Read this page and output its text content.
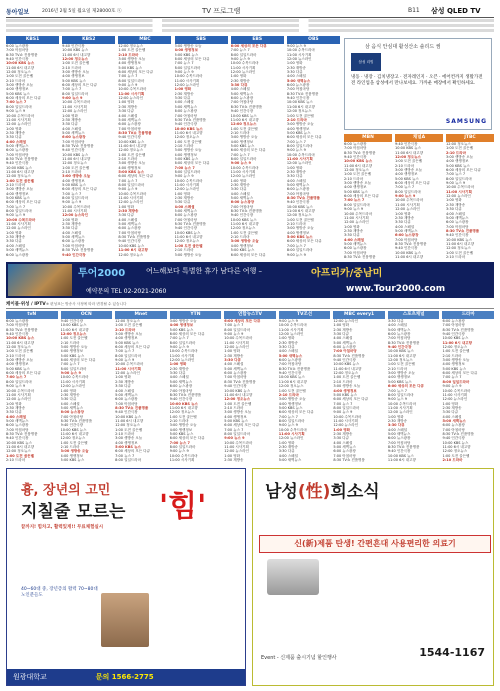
동아일보	2016년 2월 5일 월요일 제28000호 ⓢ	TV 프로그램	B11 삼성 QLED TV
KBS1
6:00 뉴스광장
7:00 아침마당
8:30 TV쇼 진품명품
9:40 인간극장
10:00 KBS 뉴스
11:00 6시 내고향
12:00 정오뉴스
1:00 도전 골든벨
2:10 드라마
3:00 생방송 오늘
4:00 생생정보
5:00 KBS 뉴스
6:00 세상의 모든 다큐
7:00 뉴스 7
8:00 일일드라마
9:00 뉴스 9
10:00 수목드라마
11:00 시사기획
12:00 뉴스라인
1:00 영화
2:30 재방송
3:30 다큐
4:00 스페셜
5:00 새벽뉴스
6:00 뉴스광장
7:00 아침마당
8:30 TV쇼 진품명품
9:40 인간극장
10:00 KBS 뉴스
11:00 6시 내고향
12:00 정오뉴스
1:00 도전 골든벨
2:10 드라마
3:00 생방송 오늘
4:00 생생정보
5:00 KBS 뉴스
6:00 세상의 모든 다큐
7:00 뉴스 7
8:00 일일드라마
9:00 뉴스 9
10:00 수목드라마
11:00 시사기획
12:00 뉴스라인
1:00 영화
2:30 재방송
3:30 다큐
4:00 스페셜
5:00 새벽뉴스
6:00 뉴스광장
KBS2
9:40 인간극장
10:00 KBS 뉴스
11:00 6시 내고향
12:00 정오뉴스
1:00 도전 골든벨
2:10 드라마
3:00 생방송 오늘
4:00 생생정보
5:00 KBS 뉴스
6:00 세상의 모든 다큐
7:00 뉴스 7
8:00 일일드라마
9:00 뉴스 9
10:00 수목드라마
11:00 시사기획
12:00 뉴스라인
1:00 영화
2:30 재방송
3:30 다큐
4:00 스페셜
5:00 새벽뉴스
6:00 뉴스광장
7:00 아침마당
8:30 TV쇼 진품명품
9:40 인간극장
10:00 KBS 뉴스
11:00 6시 내고향
12:00 정오뉴스
1:00 도전 골든벨
2:10 드라마
3:00 생방송 오늘
4:00 생생정보
5:00 KBS 뉴스
6:00 세상의 모든 다큐
7:00 뉴스 7
8:00 일일드라마
9:00 뉴스 9
10:00 수목드라마
11:00 시사기획
12:00 뉴스라인
1:00 영화
2:30 재방송
3:30 다큐
4:00 스페셜
5:00 새벽뉴스
6:00 뉴스광장
7:00 아침마당
8:30 TV쇼 진품명품
9:40 인간극장
MBC
12:00 정오뉴스
1:00 도전 골든벨
2:10 드라마
3:00 생방송 오늘
4:00 생생정보
5:00 KBS 뉴스
6:00 세상의 모든 다큐
7:00 뉴스 7
8:00 일일드라마
9:00 뉴스 9
10:00 수목드라마
11:00 시사기획
12:00 뉴스라인
1:00 영화
2:30 재방송
3:30 다큐
4:00 스페셜
5:00 새벽뉴스
6:00 뉴스광장
7:00 아침마당
8:30 TV쇼 진품명품
9:40 인간극장
10:00 KBS 뉴스
11:00 6시 내고향
12:00 정오뉴스
1:00 도전 골든벨
2:10 드라마
3:00 생방송 오늘
4:00 생생정보
5:00 KBS 뉴스
6:00 세상의 모든 다큐
7:00 뉴스 7
8:00 일일드라마
9:00 뉴스 9
10:00 수목드라마
11:00 시사기획
12:00 뉴스라인
1:00 영화
2:30 재방송
3:30 다큐
4:00 스페셜
5:00 새벽뉴스
6:00 뉴스광장
7:00 아침마당
8:30 TV쇼 진품명품
9:40 인간극장
10:00 KBS 뉴스
11:00 6시 내고향
12:00 정오뉴스
SBS
3:00 생방송 오늘
4:00 생생정보
5:00 KBS 뉴스
6:00 세상의 모든 다큐
7:00 뉴스 7
8:00 일일드라마
9:00 뉴스 9
10:00 수목드라마
11:00 시사기획
12:00 뉴스라인
1:00 영화
2:30 재방송
3:30 다큐
4:00 스페셜
5:00 새벽뉴스
6:00 뉴스광장
7:00 아침마당
8:30 TV쇼 진품명품
9:40 인간극장
10:00 KBS 뉴스
11:00 6시 내고향
12:00 정오뉴스
1:00 도전 골든벨
2:10 드라마
3:00 생방송 오늘
4:00 생생정보
5:00 KBS 뉴스
6:00 세상의 모든 다큐
7:00 뉴스 7
8:00 일일드라마
9:00 뉴스 9
10:00 수목드라마
11:00 시사기획
12:00 뉴스라인
1:00 영화
2:30 재방송
3:30 다큐
4:00 스페셜
5:00 새벽뉴스
6:00 뉴스광장
7:00 아침마당
8:30 TV쇼 진품명품
9:40 인간극장
10:00 KBS 뉴스
11:00 6시 내고향
12:00 정오뉴스
1:00 도전 골든벨
2:10 드라마
3:00 생방송 오늘
EBS
6:00 세상의 모든 다큐
7:00 뉴스 7
8:00 일일드라마
9:00 뉴스 9
10:00 수목드라마
11:00 시사기획
12:00 뉴스라인
1:00 영화
2:30 재방송
3:30 다큐
4:00 스페셜
5:00 새벽뉴스
6:00 뉴스광장
7:00 아침마당
8:30 TV쇼 진품명품
9:40 인간극장
10:00 KBS 뉴스
11:00 6시 내고향
12:00 정오뉴스
1:00 도전 골든벨
2:10 드라마
3:00 생방송 오늘
4:00 생생정보
5:00 KBS 뉴스
6:00 세상의 모든 다큐
7:00 뉴스 7
8:00 일일드라마
9:00 뉴스 9
10:00 수목드라마
11:00 시사기획
12:00 뉴스라인
1:00 영화
2:30 재방송
3:30 다큐
4:00 스페셜
5:00 새벽뉴스
6:00 뉴스광장
7:00 아침마당
8:30 TV쇼 진품명품
9:40 인간극장
10:00 KBS 뉴스
11:00 6시 내고향
12:00 정오뉴스
1:00 도전 골든벨
2:10 드라마
3:00 생방송 오늘
4:00 생생정보
5:00 KBS 뉴스
6:00 세상의 모든 다큐
OBS
9:00 뉴스 9
10:00 수목드라마
11:00 시사기획
12:00 뉴스라인
1:00 영화
2:30 재방송
3:30 다큐
4:00 스페셜
5:00 새벽뉴스
6:00 뉴스광장
7:00 아침마당
8:30 TV쇼 진품명품
9:40 인간극장
10:00 KBS 뉴스
11:00 6시 내고향
12:00 정오뉴스
1:00 도전 골든벨
2:10 드라마
3:00 생방송 오늘
4:00 생생정보
5:00 KBS 뉴스
6:00 세상의 모든 다큐
7:00 뉴스 7
8:00 일일드라마
9:00 뉴스 9
10:00 수목드라마
11:00 시사기획
12:00 뉴스라인
1:00 영화
2:30 재방송
3:30 다큐
4:00 스페셜
5:00 새벽뉴스
6:00 뉴스광장
7:00 아침마당
8:30 TV쇼 진품명품
9:40 인간극장
10:00 KBS 뉴스
11:00 6시 내고향
12:00 정오뉴스
1:00 도전 골든벨
2:10 드라마
3:00 생방송 오늘
4:00 생생정보
5:00 KBS 뉴스
6:00 세상의 모든 다큐
7:00 뉴스 7
8:00 일일드라마
9:00 뉴스 9
삼 음식 안심대 활성산소 솔리드 썸
삼성 리빙
냉동 · 냉장 · 김치냉장고 · 전자레인지 · 오븐 · 에어컨까지 생활가전 전 라인업을 삼성에서 만나보세요. 가까운 매장에서 확인하세요.
SAMSUNG
MBN
6:00 뉴스광장
7:00 아침마당
8:30 TV쇼 진품명품
9:40 인간극장
10:00 KBS 뉴스
11:00 6시 내고향
12:00 정오뉴스
1:00 도전 골든벨
2:10 드라마
3:00 생방송 오늘
4:00 생생정보
5:00 KBS 뉴스
6:00 세상의 모든 다큐
7:00 뉴스 7
8:00 일일드라마
9:00 뉴스 9
10:00 수목드라마
11:00 시사기획
12:00 뉴스라인
1:00 영화
2:30 재방송
3:30 다큐
4:00 스페셜
5:00 새벽뉴스
6:00 뉴스광장
7:00 아침마당
8:30 TV쇼 진품명품
채널A
9:40 인간극장
10:00 KBS 뉴스
11:00 6시 내고향
12:00 정오뉴스
1:00 도전 골든벨
2:10 드라마
3:00 생방송 오늘
4:00 생생정보
5:00 KBS 뉴스
6:00 세상의 모든 다큐
7:00 뉴스 7
8:00 일일드라마
9:00 뉴스 9
10:00 수목드라마
11:00 시사기획
12:00 뉴스라인
1:00 영화
2:30 재방송
3:30 다큐
4:00 스페셜
5:00 새벽뉴스
6:00 뉴스광장
7:00 아침마당
8:30 TV쇼 진품명품
9:40 인간극장
10:00 KBS 뉴스
11:00 6시 내고향
JTBC
12:00 정오뉴스
1:00 도전 골든벨
2:10 드라마
3:00 생방송 오늘
4:00 생생정보
5:00 KBS 뉴스
6:00 세상의 모든 다큐
7:00 뉴스 7
8:00 일일드라마
9:00 뉴스 9
10:00 수목드라마
11:00 시사기획
12:00 뉴스라인
1:00 영화
2:30 재방송
3:30 다큐
4:00 스페셜
5:00 새벽뉴스
6:00 뉴스광장
7:00 아침마당
8:30 TV쇼 진품명품
9:40 인간극장
10:00 KBS 뉴스
11:00 6시 내고향
12:00 정오뉴스
1:00 도전 골든벨
2:10 드라마
투어2000	여느해보다 특별한 휴가 남다른 여행 –	아프리카/중남미
예약문의 TEL 02-2021-2060	www.Tour2000.com
케이블·위성 / IPTV ※ 편성표는 방송사 사정에 따라 변경될 수 있습니다
tvN
6:00 뉴스광장
7:00 아침마당
8:30 TV쇼 진품명품
9:40 인간극장
10:00 KBS 뉴스
11:00 6시 내고향
12:00 정오뉴스
1:00 도전 골든벨
2:10 드라마
3:00 생방송 오늘
4:00 생생정보
5:00 KBS 뉴스
6:00 세상의 모든 다큐
7:00 뉴스 7
8:00 일일드라마
9:00 뉴스 9
10:00 수목드라마
11:00 시사기획
12:00 뉴스라인
1:00 영화
2:30 재방송
3:30 다큐
4:00 스페셜
5:00 새벽뉴스
6:00 뉴스광장
7:00 아침마당
8:30 TV쇼 진품명품
9:40 인간극장
10:00 KBS 뉴스
11:00 6시 내고향
12:00 정오뉴스
1:00 도전 골든벨
2:10 드라마
OCN
9:40 인간극장
10:00 KBS 뉴스
11:00 6시 내고향
12:00 정오뉴스
1:00 도전 골든벨
2:10 드라마
3:00 생방송 오늘
4:00 생생정보
5:00 KBS 뉴스
6:00 세상의 모든 다큐
7:00 뉴스 7
8:00 일일드라마
9:00 뉴스 9
10:00 수목드라마
11:00 시사기획
12:00 뉴스라인
1:00 영화
2:30 재방송
3:30 다큐
4:00 스페셜
5:00 새벽뉴스
6:00 뉴스광장
7:00 아침마당
8:30 TV쇼 진품명품
9:40 인간극장
10:00 KBS 뉴스
11:00 6시 내고향
12:00 정오뉴스
1:00 도전 골든벨
2:10 드라마
3:00 생방송 오늘
4:00 생생정보
5:00 KBS 뉴스
Mnet
12:00 정오뉴스
1:00 도전 골든벨
2:10 드라마
3:00 생방송 오늘
4:00 생생정보
5:00 KBS 뉴스
6:00 세상의 모든 다큐
7:00 뉴스 7
8:00 일일드라마
9:00 뉴스 9
10:00 수목드라마
11:00 시사기획
12:00 뉴스라인
1:00 영화
2:30 재방송
3:30 다큐
4:00 스페셜
5:00 새벽뉴스
6:00 뉴스광장
7:00 아침마당
8:30 TV쇼 진품명품
9:40 인간극장
10:00 KBS 뉴스
11:00 6시 내고향
12:00 정오뉴스
1:00 도전 골든벨
2:10 드라마
3:00 생방송 오늘
4:00 생생정보
5:00 KBS 뉴스
6:00 세상의 모든 다큐
7:00 뉴스 7
8:00 일일드라마
YTN
3:00 생방송 오늘
4:00 생생정보
5:00 KBS 뉴스
6:00 세상의 모든 다큐
7:00 뉴스 7
8:00 일일드라마
9:00 뉴스 9
10:00 수목드라마
11:00 시사기획
12:00 뉴스라인
1:00 영화
2:30 재방송
3:30 다큐
4:00 스페셜
5:00 새벽뉴스
6:00 뉴스광장
7:00 아침마당
8:30 TV쇼 진품명품
9:40 인간극장
10:00 KBS 뉴스
11:00 6시 내고향
12:00 정오뉴스
1:00 도전 골든벨
2:10 드라마
3:00 생방송 오늘
4:00 생생정보
5:00 KBS 뉴스
6:00 세상의 모든 다큐
7:00 뉴스 7
8:00 일일드라마
9:00 뉴스 9
10:00 수목드라마
11:00 시사기획
연합뉴스TV
6:00 세상의 모든 다큐
7:00 뉴스 7
8:00 일일드라마
9:00 뉴스 9
10:00 수목드라마
11:00 시사기획
12:00 뉴스라인
1:00 영화
2:30 재방송
3:30 다큐
4:00 스페셜
5:00 새벽뉴스
6:00 뉴스광장
7:00 아침마당
8:30 TV쇼 진품명품
9:40 인간극장
10:00 KBS 뉴스
11:00 6시 내고향
12:00 정오뉴스
1:00 도전 골든벨
2:10 드라마
3:00 생방송 오늘
4:00 생생정보
5:00 KBS 뉴스
6:00 세상의 모든 다큐
7:00 뉴스 7
8:00 일일드라마
9:00 뉴스 9
10:00 수목드라마
11:00 시사기획
12:00 뉴스라인
1:00 영화
2:30 재방송
TV조선
9:00 뉴스 9
10:00 수목드라마
11:00 시사기획
12:00 뉴스라인
1:00 영화
2:30 재방송
3:30 다큐
4:00 스페셜
5:00 새벽뉴스
6:00 뉴스광장
7:00 아침마당
8:30 TV쇼 진품명품
9:40 인간극장
10:00 KBS 뉴스
11:00 6시 내고향
12:00 정오뉴스
1:00 도전 골든벨
2:10 드라마
3:00 생방송 오늘
4:00 생생정보
5:00 KBS 뉴스
6:00 세상의 모든 다큐
7:00 뉴스 7
8:00 일일드라마
9:00 뉴스 9
10:00 수목드라마
11:00 시사기획
12:00 뉴스라인
1:00 영화
2:30 재방송
3:30 다큐
4:00 스페셜
5:00 새벽뉴스
MBC every1
12:00 뉴스라인
1:00 영화
2:30 재방송
3:30 다큐
4:00 스페셜
5:00 새벽뉴스
6:00 뉴스광장
7:00 아침마당
8:30 TV쇼 진품명품
9:40 인간극장
10:00 KBS 뉴스
11:00 6시 내고향
12:00 정오뉴스
1:00 도전 골든벨
2:10 드라마
3:00 생방송 오늘
4:00 생생정보
5:00 KBS 뉴스
6:00 세상의 모든 다큐
7:00 뉴스 7
8:00 일일드라마
9:00 뉴스 9
10:00 수목드라마
11:00 시사기획
12:00 뉴스라인
1:00 영화
2:30 재방송
3:30 다큐
4:00 스페셜
5:00 새벽뉴스
6:00 뉴스광장
7:00 아침마당
8:30 TV쇼 진품명품
스포츠채널
3:30 다큐
4:00 스페셜
5:00 새벽뉴스
6:00 뉴스광장
7:00 아침마당
8:30 TV쇼 진품명품
9:40 인간극장
10:00 KBS 뉴스
11:00 6시 내고향
12:00 정오뉴스
1:00 도전 골든벨
2:10 드라마
3:00 생방송 오늘
4:00 생생정보
5:00 KBS 뉴스
6:00 세상의 모든 다큐
7:00 뉴스 7
8:00 일일드라마
9:00 뉴스 9
10:00 수목드라마
11:00 시사기획
12:00 뉴스라인
1:00 영화
2:30 재방송
3:30 다큐
4:00 스페셜
5:00 새벽뉴스
6:00 뉴스광장
7:00 아침마당
8:30 TV쇼 진품명품
9:40 인간극장
10:00 KBS 뉴스
11:00 6시 내고향
드라마
6:00 뉴스광장
7:00 아침마당
8:30 TV쇼 진품명품
9:40 인간극장
10:00 KBS 뉴스
11:00 6시 내고향
12:00 정오뉴스
1:00 도전 골든벨
2:10 드라마
3:00 생방송 오늘
4:00 생생정보
5:00 KBS 뉴스
6:00 세상의 모든 다큐
7:00 뉴스 7
8:00 일일드라마
9:00 뉴스 9
10:00 수목드라마
11:00 시사기획
12:00 뉴스라인
1:00 영화
2:30 재방송
3:30 다큐
4:00 스페셜
5:00 새벽뉴스
6:00 뉴스광장
7:00 아침마당
8:30 TV쇼 진품명품
9:40 인간극장
10:00 KBS 뉴스
11:00 6시 내고향
12:00 정오뉴스
1:00 도전 골든벨
2:10 드라마
흉, 장년의 고민
지칠줄 모르는 '힘'
끝까지! 힘차고, 활력있게!! 무료체험실시
40~60대 중, 장년층의 활력 70~80대 노인분들도
원광대학교	문의 1566-2775
남성(性)희소식
신(新)제품 탄생! 간편흔대 사용편리한 의료기
Event - 신제품 출시기념 할인행사	1544-1167
